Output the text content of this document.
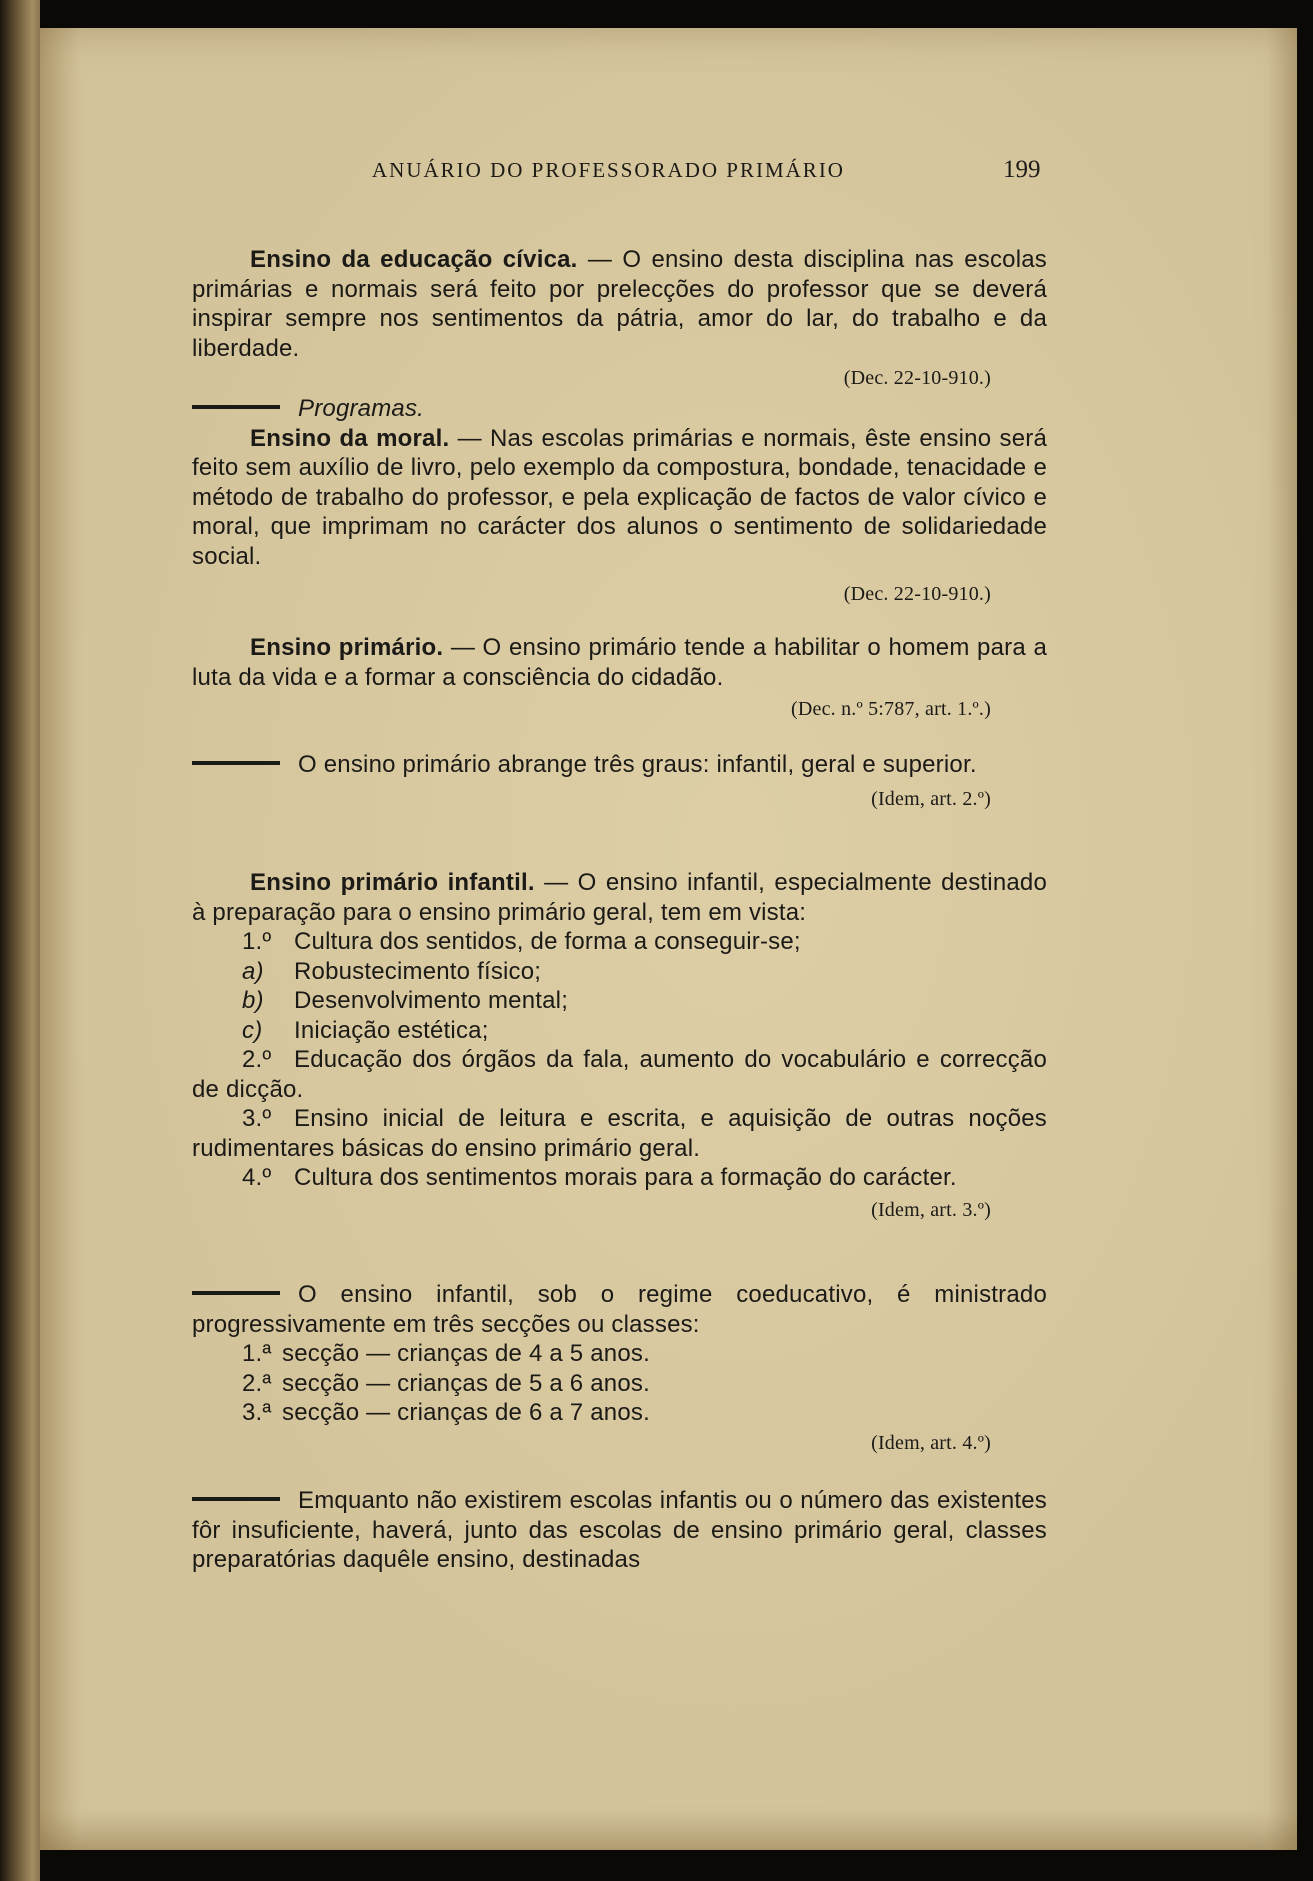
ANUÁRIO DO PROFESSORADO PRIMÁRIO	199

Ensino da educação cívica. — O ensino desta disciplina nas escolas primárias e normais será feito por prelecções do professor que se deverá inspirar sempre nos sentimentos da pátria, amor do lar, do trabalho e da liberdade.

(Dec. 22-10-910.)
Programas.

Ensino da moral. — Nas escolas primárias e normais, êste ensino será feito sem auxílio de livro, pelo exemplo da compostura, bondade, tenacidade e método de trabalho do professor, e pela explicação de factos de valor cívico e moral, que imprimam no carácter dos alunos o sentimento de solidariedade social.

(Dec. 22-10-910.)

Ensino primário. — O ensino primário tende a habilitar o homem para a luta da vida e a formar a consciência do cidadão.

(Dec. n.º 5:787, art. 1.º.)

O ensino primário abrange três graus: infantil, geral e superior.

(Idem, art. 2.º)

Ensino primário infantil. — O ensino infantil, especialmente destinado à preparação para o ensino primário geral, tem em vista:

1.º Cultura dos sentidos, de forma a conseguir-se;
a) Robustecimento físico;
b) Desenvolvimento mental;
c) Iniciação estética;
2.º Educação dos órgãos da fala, aumento do vocabulário e correcção de dicção.
3.º Ensino inicial de leitura e escrita, e aquisição de outras noções rudimentares básicas do ensino primário geral.
4.º Cultura dos sentimentos morais para a formação do carácter.
(Idem, art. 3.º)

O ensino infantil, sob o regime coeducativo, é ministrado progressivamente em três secções ou classes:

1.ª secção — crianças de 4 a 5 anos.
2.ª secção — crianças de 5 a 6 anos.
3.ª secção — crianças de 6 a 7 anos.
(Idem, art. 4.º)

Emquanto não existirem escolas infantis ou o número das existentes fôr insuficiente, haverá, junto das escolas de ensino primário geral, classes preparatórias daquêle ensino, destinadas
